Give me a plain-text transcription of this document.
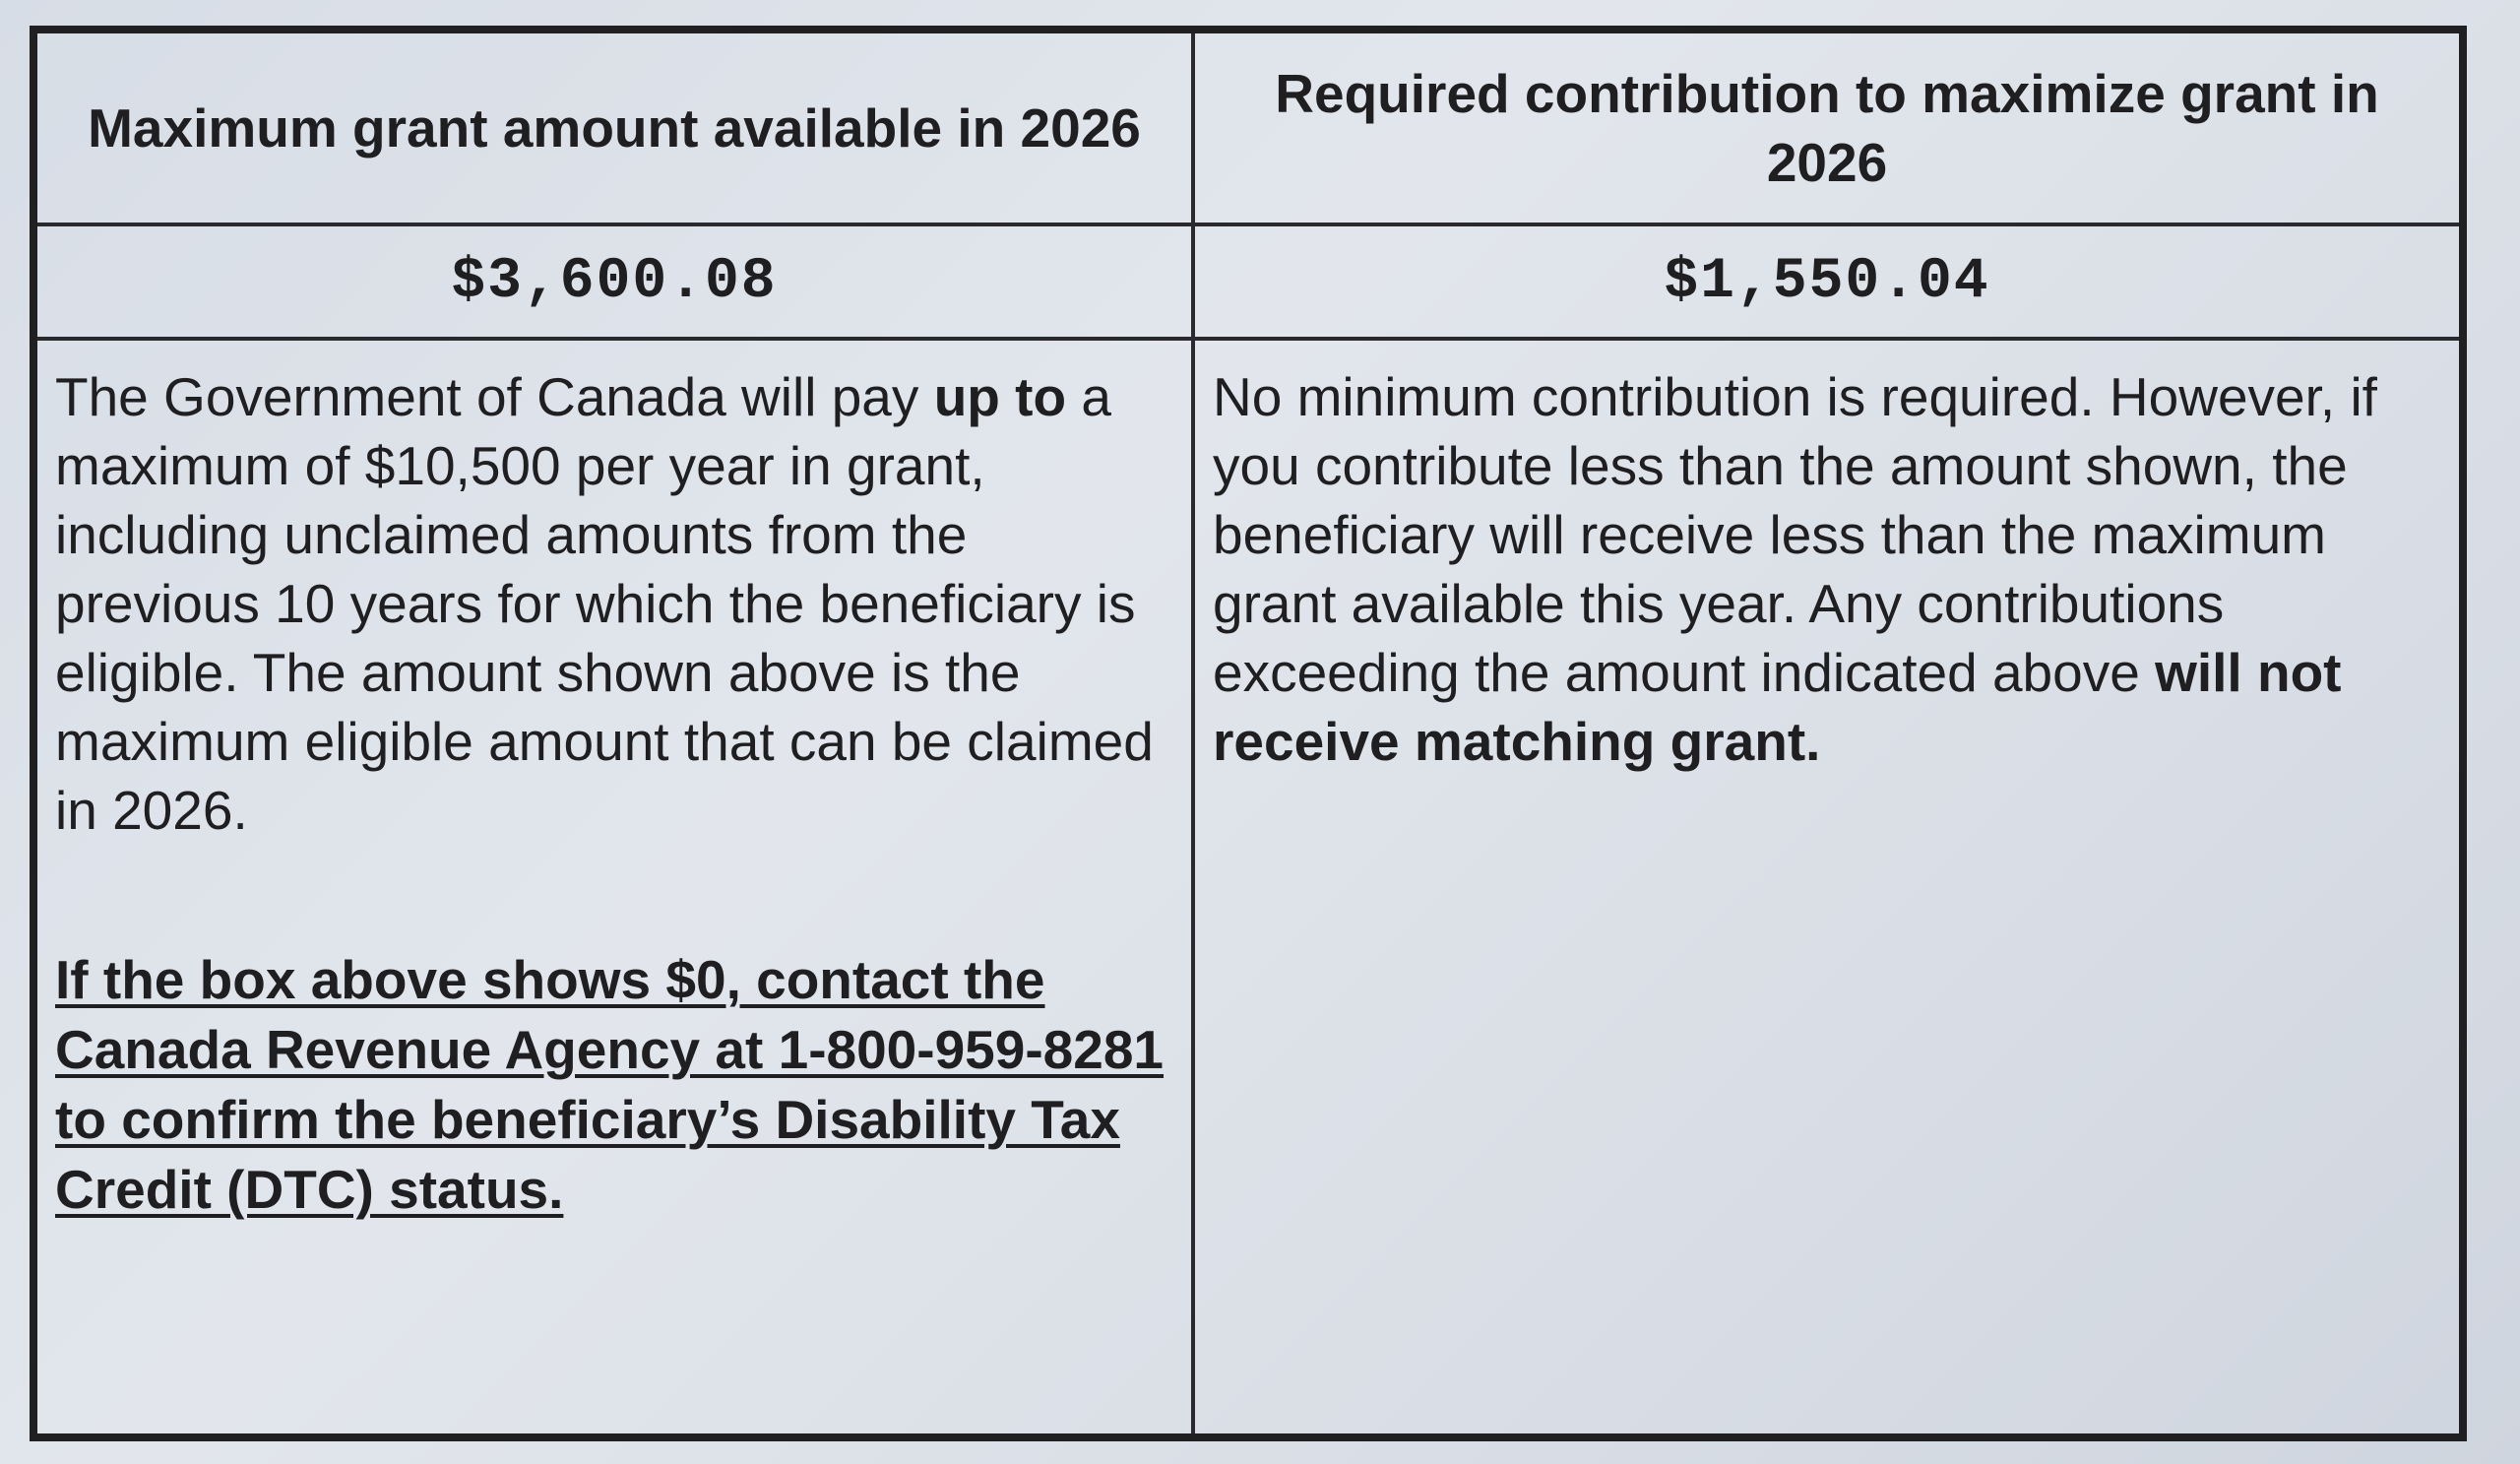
Maximum grant amount available in 2026
Required contribution to maximize grant in 2026
$3,600.08	$1,550.04

The Government of Canada will pay up to a maximum of $10,500 per year in grant, including unclaimed amounts from the previous 10 years for which the beneficiary is eligible. The amount shown above is the maximum eligible amount that can be claimed in 2026.

If the box above shows $0, contact the Canada Revenue Agency at 1-800-959-8281 to confirm the beneficiary’s Disability Tax Credit (DTC) status.

No minimum contribution is required. However, if you contribute less than the amount shown, the beneficiary will receive less than the maximum grant available this year. Any contributions exceeding the amount indicated above will not receive matching grant.
